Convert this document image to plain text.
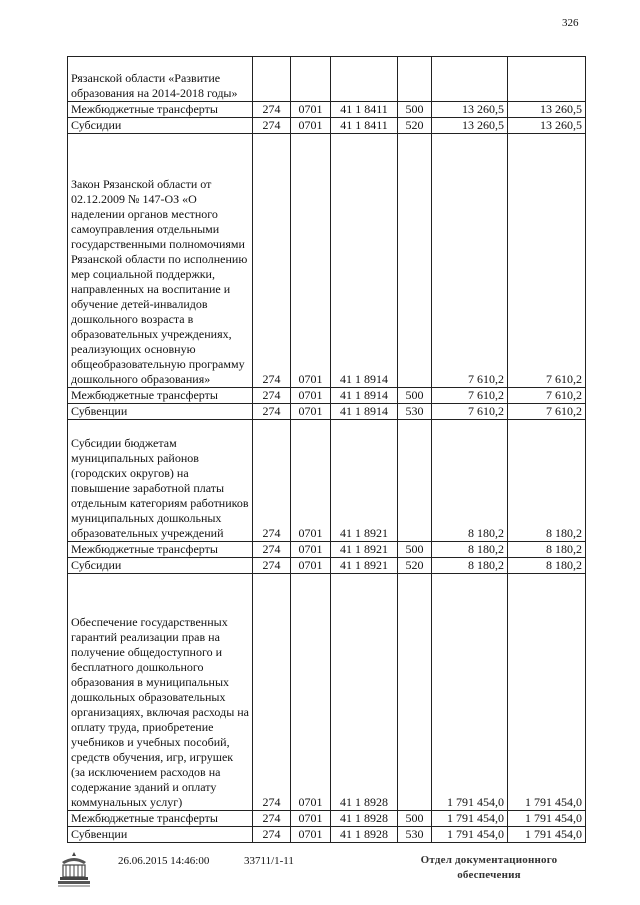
326
Рязанской области «Развитие образования на 2014-2018 годы»						
Межбюджетные трансферты	274	0701	41 1 8411	500	13 260,5	13 260,5
Субсидии	274	0701	41 1 8411	520	13 260,5	13 260,5
Закон Рязанской области от 02.12.2009 № 147-ОЗ «О наделении органов местного самоуправления отдельными государственными полномочиями Рязанской области по исполнению мер социальной поддержки, направленных на воспитание и обучение детей-инвалидов дошкольного возраста в образовательных учреждениях, реализующих основную общеобразовательную программу дошкольного образования»	274	0701	41 1 8914		7 610,2	7 610,2
Межбюджетные трансферты	274	0701	41 1 8914	500	7 610,2	7 610,2
Субвенции	274	0701	41 1 8914	530	7 610,2	7 610,2
Субсидии бюджетам муниципальных районов (городских округов) на повышение заработной платы отдельным категориям работников муниципальных дошкольных образовательных учреждений	274	0701	41 1 8921		8 180,2	8 180,2
Межбюджетные трансферты	274	0701	41 1 8921	500	8 180,2	8 180,2
Субсидии	274	0701	41 1 8921	520	8 180,2	8 180,2
Обеспечение государственных гарантий реализации прав на получение общедоступного и бесплатного дошкольного образования в муниципальных дошкольных образовательных организациях, включая расходы на оплату труда, приобретение учебников и учебных пособий, средств обучения, игр, игрушек (за исключением расходов на содержание зданий и оплату коммунальных услуг)	274	0701	41 1 8928		1 791 454,0	1 791 454,0
Межбюджетные трансферты	274	0701	41 1 8928	500	1 791 454,0	1 791 454,0
Субвенции	274	0701	41 1 8928	530	1 791 454,0	1 791 454,0
26.06.2015 14:46:00	33711/1-11	Отдел документационного
обеспечения
